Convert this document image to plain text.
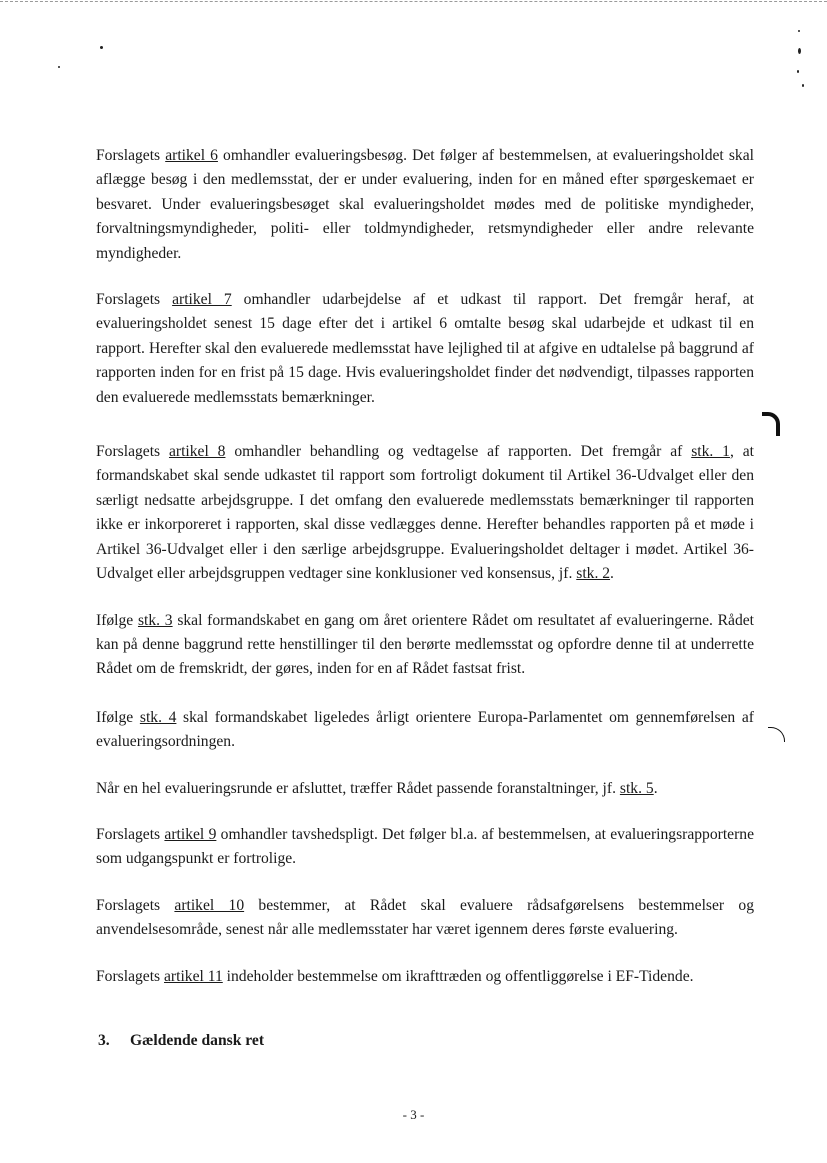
Forslagets artikel 6 omhandler evalueringsbesøg. Det følger af bestemmelsen, at evalueringsholdet skal aflægge besøg i den medlemsstat, der er under evaluering, inden for en måned efter spørgeskemaet er besvaret. Under evalueringsbesøget skal evalueringsholdet mødes med de politiske myndigheder, forvaltningsmyndigheder, politi- eller toldmyndigheder, retsmyndigheder eller andre relevante myndigheder.

Forslagets artikel 7 omhandler udarbejdelse af et udkast til rapport. Det fremgår heraf, at evalueringsholdet senest 15 dage efter det i artikel 6 omtalte besøg skal udarbejde et udkast til en rapport. Herefter skal den evaluerede medlemsstat have lejlighed til at afgive en udtalelse på baggrund af rapporten inden for en frist på 15 dage. Hvis evalueringsholdet finder det nødvendigt, tilpasses rapporten den evaluerede medlemsstats bemærkninger.

Forslagets artikel 8 omhandler behandling og vedtagelse af rapporten. Det fremgår af stk. 1, at formandskabet skal sende udkastet til rapport som fortroligt dokument til Artikel 36-Udvalget eller den særligt nedsatte arbejdsgruppe. I det omfang den evaluerede medlemsstats bemærkninger til rapporten ikke er inkorporeret i rapporten, skal disse vedlægges denne. Herefter behandles rapporten på et møde i Artikel 36-Udvalget eller i den særlige arbejdsgruppe. Evalueringsholdet deltager i mødet. Artikel 36-Udvalget eller arbejdsgruppen vedtager sine konklusioner ved konsensus, jf. stk. 2.

Ifølge stk. 3 skal formandskabet en gang om året orientere Rådet om resultatet af evalueringerne. Rådet kan på denne baggrund rette henstillinger til den berørte medlemsstat og opfordre denne til at underrette Rådet om de fremskridt, der gøres, inden for en af Rådet fastsat frist.

Ifølge stk. 4 skal formandskabet ligeledes årligt orientere Europa-Parlamentet om gennemførelsen af evalueringsordningen.

Når en hel evalueringsrunde er afsluttet, træffer Rådet passende foranstaltninger, jf. stk. 5.

Forslagets artikel 9 omhandler tavshedspligt. Det følger bl.a. af bestemmelsen, at evalueringsrapporterne som udgangspunkt er fortrolige.

Forslagets artikel 10 bestemmer, at Rådet skal evaluere rådsafgørelsens bestemmelser og anvendelsesområde, senest når alle medlemsstater har været igennem deres første evaluering.

Forslagets artikel 11 indeholder bestemmelse om ikrafttræden og offentliggørelse i EF-Tidende.

3. Gældende dansk ret
- 3 -
